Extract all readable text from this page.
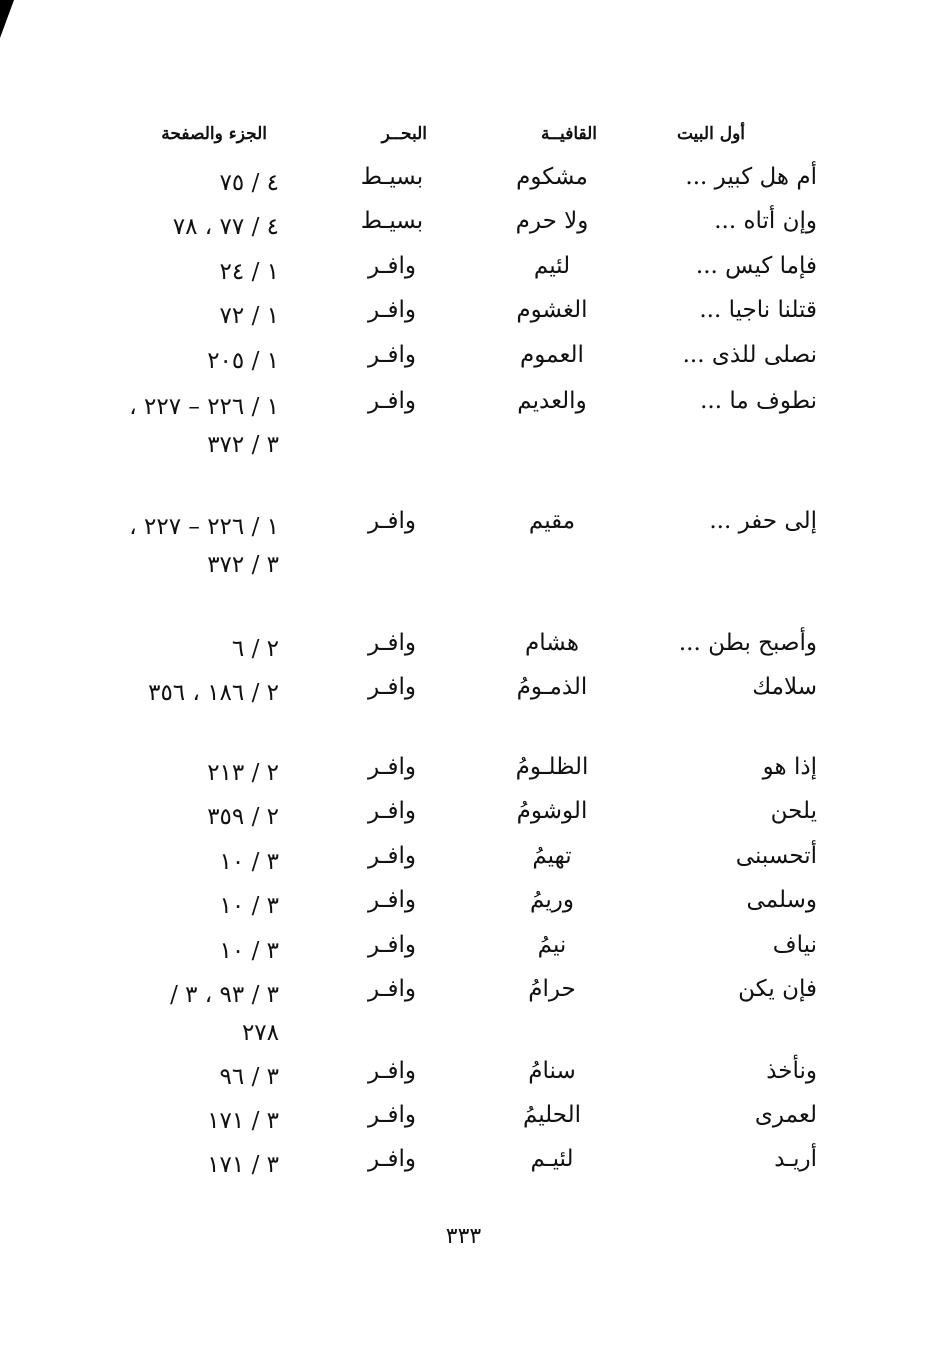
أول البيت
القافيــة
البحــر
الجزء والصفحة
أم هل كبير ...
مشكوم
بسيـط
٤ / ٧٥
وإن أتاه ...
ولا حرم
بسيـط
٤ / ٧٧ ، ٧٨
فإما كيس ...
لئيم
وافـر
١ / ٢٤
قتلنا ناجيا ...
الغشوم
وافـر
١ / ٧٢
نصلى للذى ...
العموم
وافـر
١ / ٢٠٥
نطوف ما ...
والعديم
وافـر
١ / ٢٢٦ – ٢٢٧ ، ٣ / ٣٧٢
إلى حفر ...
مقيم
وافـر
١ / ٢٢٦ – ٢٢٧ ، ٣ / ٣٧٢
وأصبح بطن ...
هشام
وافـر
٢ / ٦
سلامك
الذمـومُ
وافـر
٢ / ١٨٦ ، ٣٥٦
إذا هو
الظلـومُ
وافـر
٢ / ٢١٣
يلحن
الوشومُ
وافـر
٢ / ٣٥٩
أتحسبنى
تهيمُ
وافـر
٣ / ١٠
وسلمى
وريمُ
وافـر
٣ / ١٠
نياف
نيمُ
وافـر
٣ / ١٠
فإن يكن
حرامُ
وافـر
٣ / ٩٣ ، ٣ / ٢٧٨
ونأخذ
سنامُ
وافـر
٣ / ٩٦
لعمرى
الحليمُ
وافـر
٣ / ١٧١
أريـد
لئيـم
وافـر
٣ / ١٧١
٣٣٣
